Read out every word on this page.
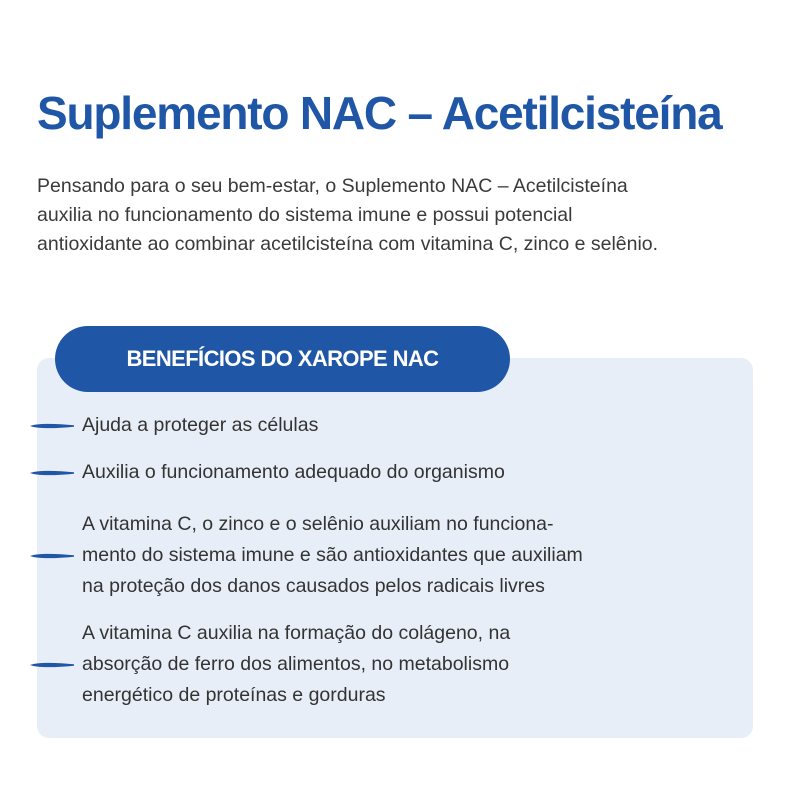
Suplemento NAC – Acetilcisteína

Pensando para o seu bem-estar, o Suplemento NAC – Acetilcisteína
auxilia no funcionamento do sistema imune e possui potencial
antioxidante ao combinar acetilcisteína com vitamina C, zinco e selênio.

BENEFÍCIOS DO XAROPE NAC
Ajuda a proteger as células
Auxilia o funcionamento adequado do organismo
A vitamina C, o zinco e o selênio auxiliam no funciona-
mento do sistema imune e são antioxidantes que auxiliam
na proteção dos danos causados pelos radicais livres
A vitamina C auxilia na formação do colágeno, na
absorção de ferro dos alimentos, no metabolismo
energético de proteínas e gorduras
